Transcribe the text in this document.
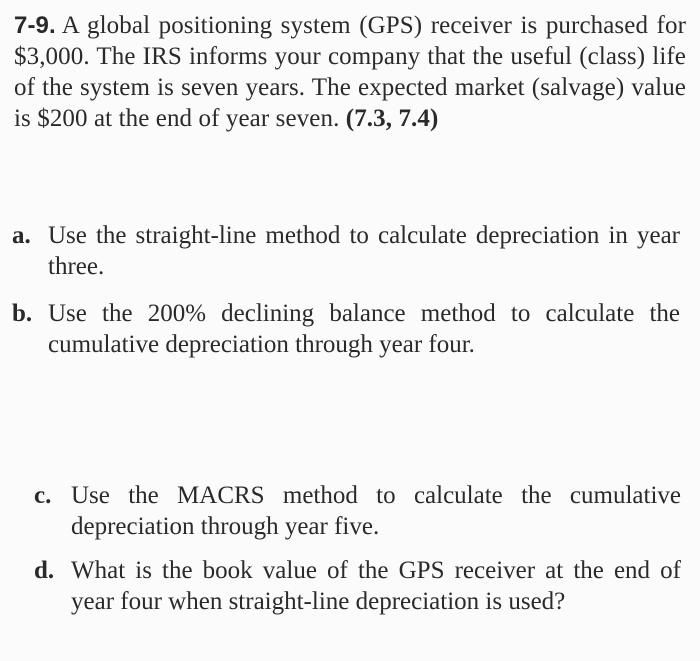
7-9. A global positioning system (GPS) receiver is purchased for $3,000. The IRS informs your company that the useful (class) life of the system is seven years. The expected market (salvage) value is $200 at the end of year seven. (7.3, 7.4)
a. Use the straight-line method to calculate depreciation in year three.
b. Use the 200% declining balance method to calculate the cumulative depreciation through year four.
c. Use the MACRS method to calculate the cumulative depreciation through year five.
d. What is the book value of the GPS receiver at the end of year four when straight-line depreciation is used?
